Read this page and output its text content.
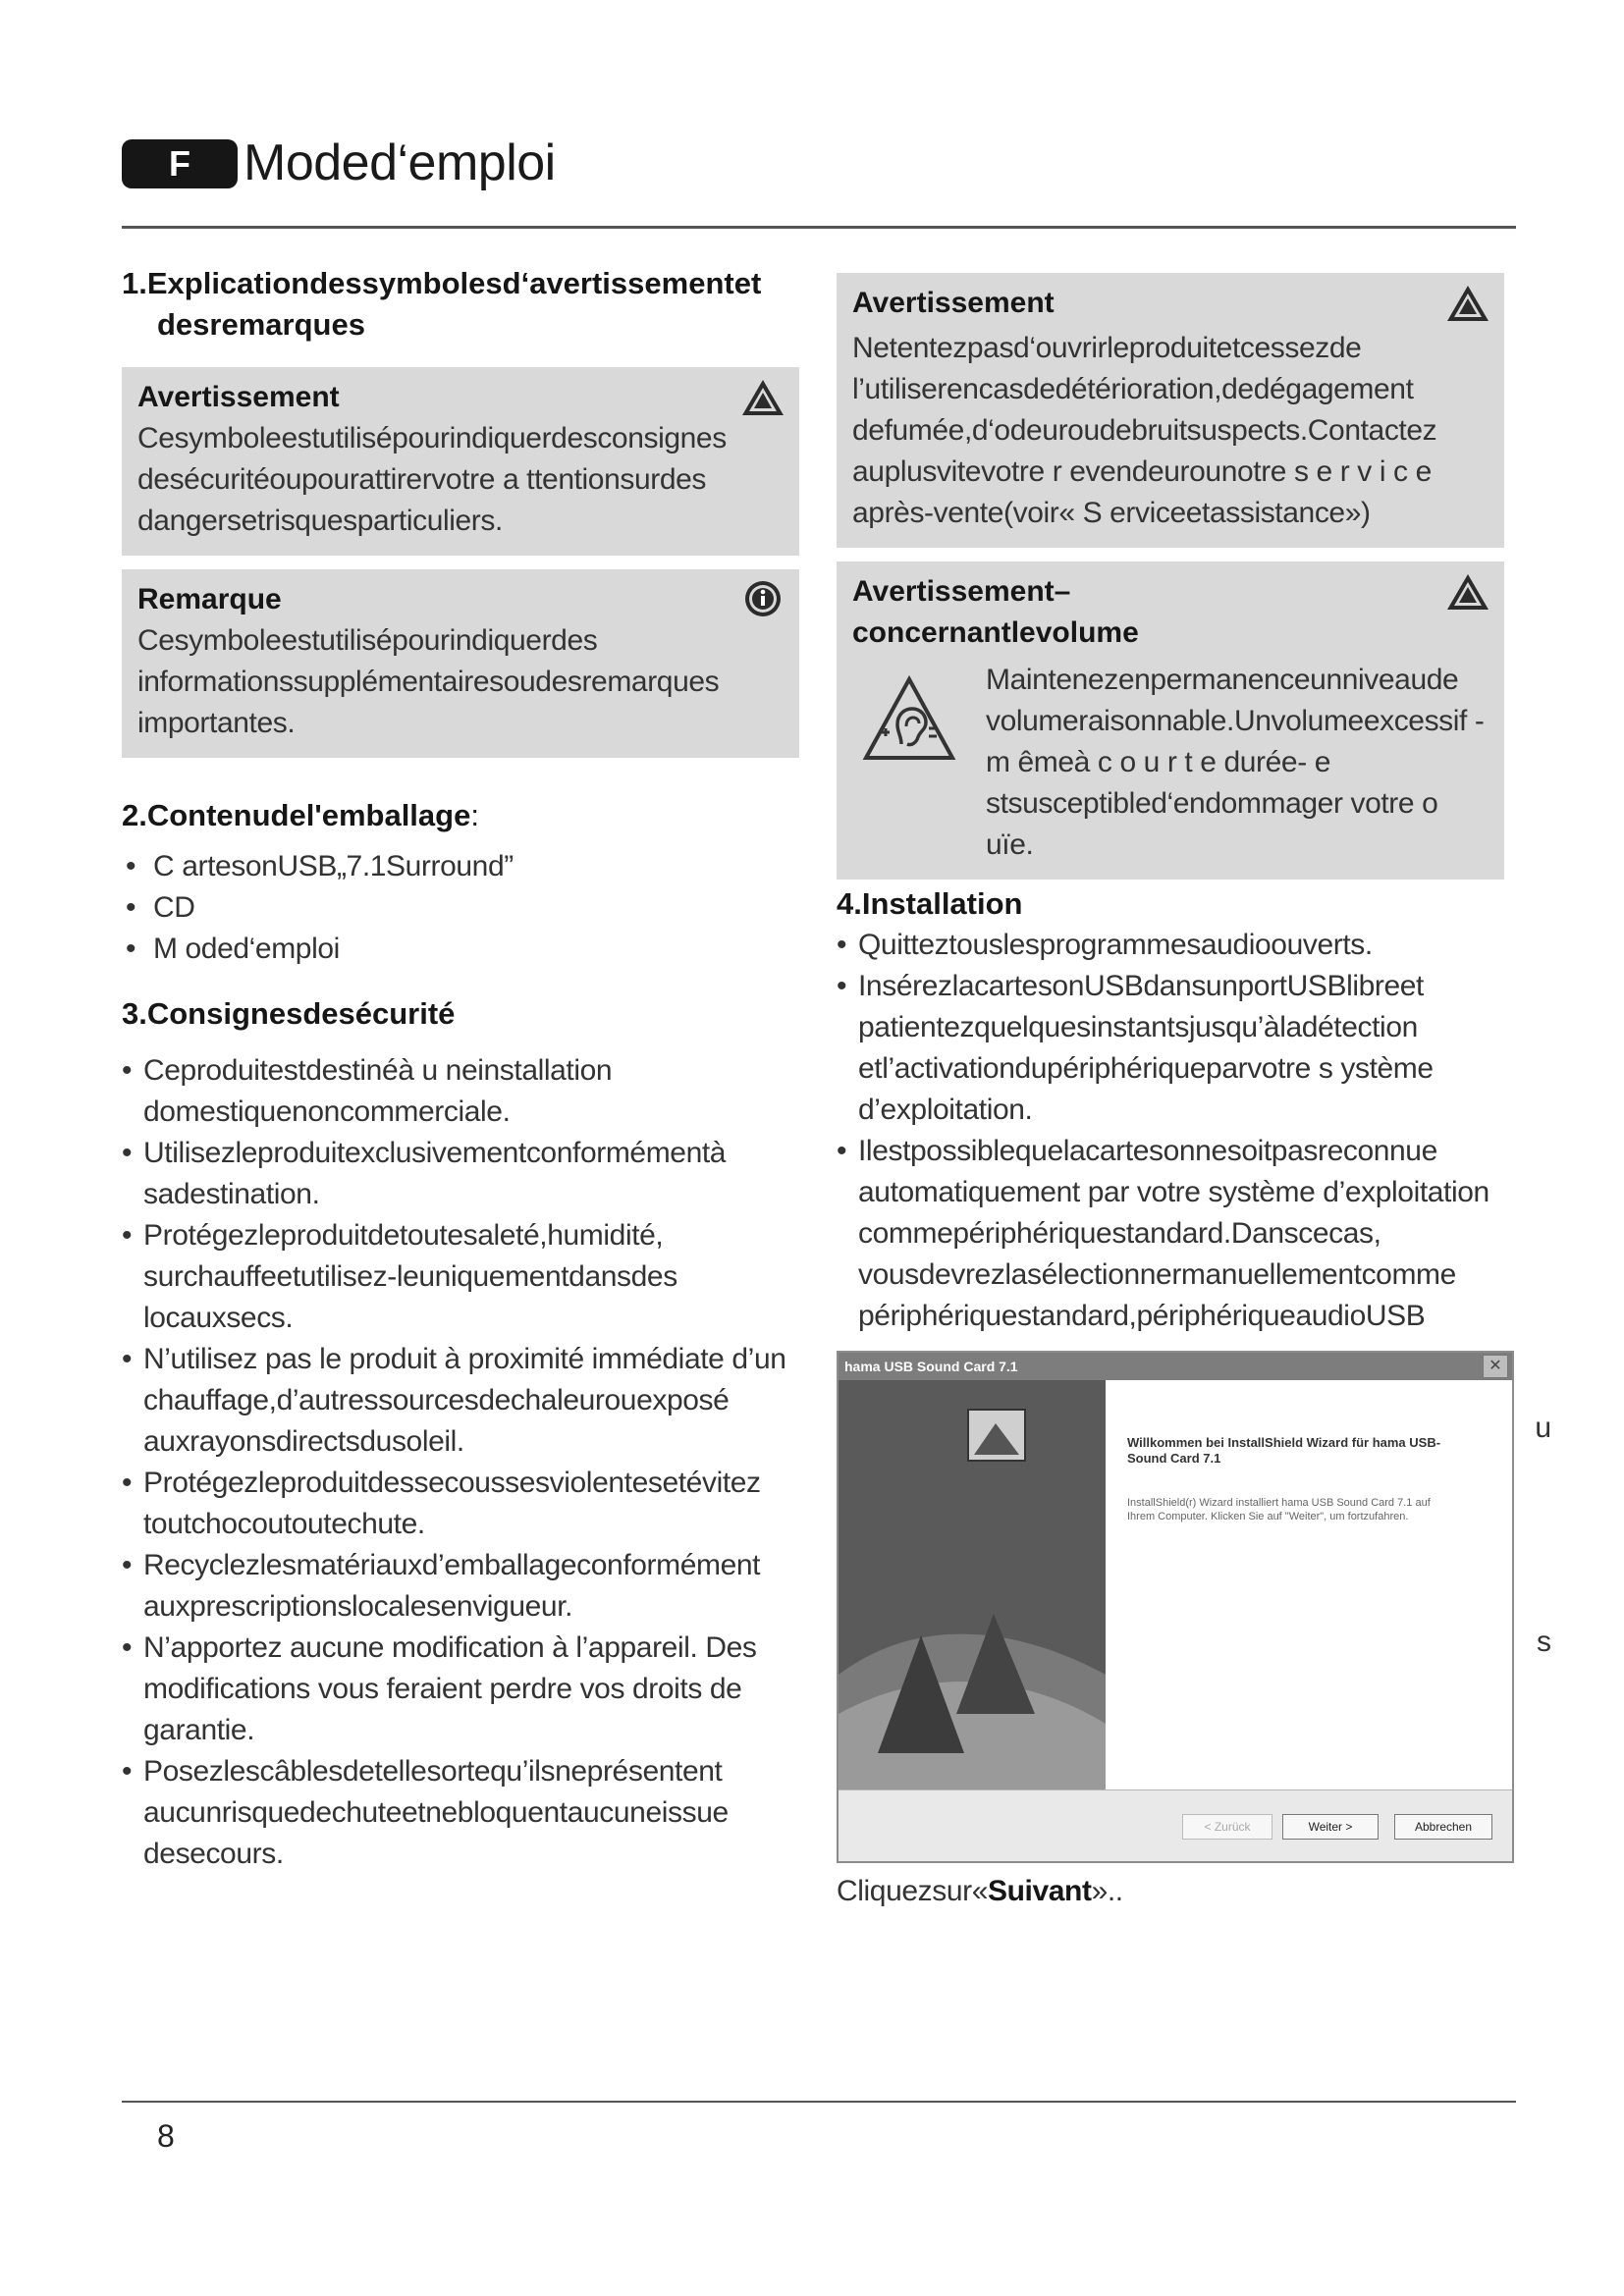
F	Moded‘emploi
1.Explicationdessymbolesd‘avertissementet desremarques
Avertissement
Cesymboleestutilisépourindiquerdesconsignes desécuritéoupourattirervotre a ttentionsurdes dangersetrisquesparticuliers.
Remarque
Cesymboleestutilisépourindiquerdes informationssupplémentairesoudesremarques importantes.
2.Contenudel'emballage:
• C artesonUSB„7.1Surround”
• CD
• M oded‘emploi
3.Consignesdesécurité
• Ceproduitestdestinéà u neinstallation domestiquenoncommerciale.
• Utilisezleproduitexclusivementconformémentà sadestination.
• Protégezleproduitdetoutesaleté,humidité, surchauffeetutilisez-leuniquementdansdes locauxsecs.
• N’utilisez pas le produit à proximité immédiate d’un chauffage,d’autressourcesdechaleurouexposé auxrayonsdirectsdusoleil.
• Protégezleproduitdessecoussesviolentesetévitez toutchocoutoutechute.
• Recyclezlesmatériauxd’emballageconformément auxprescriptionslocalesenvigueur.
• N’apportez aucune modification à l’appareil. Des modifications vous feraient perdre vos droits de garantie.
• Posezlescâblesdetellesortequ’ilsneprésentent aucunrisquedechuteetnebloquentaucuneissue desecours.
Avertissement
Netentezpasd‘ouvrirleproduitetcessezde l’utiliserencasdedétérioration,dedégagement defumée,d‘odeuroudebruitsuspects.Contactez auplusvitevotre r evendeurounotre s e r v i c e après-vente(voir« S erviceetassistance»)
Avertissement– concernantlevolume
Maintenezenpermanenceunniveaude volumeraisonnable.Unvolumeexcessif - m êmeà c o u r t e durée- e stsusceptibled‘endommager votre o uïe.
4.Installation
• Quitteztouslesprogrammesaudioouverts.
• InsérezlacartesonUSBdansunportUSBlibreet patientezquelquesinstantsjusqu’àladétection etl’activationdupériphériqueparvotre s ystème d’exploitation.
• Ilestpossiblequelacartesonnesoitpasreconnue automatiquement par votre système d’exploitation commepériphériquestandard.Danscecas, vousdevrezlasélectionnermanuellementcomme périphériquestandard,périphériqueaudioUSB
u
s
hama USB Sound Card 7.1	✕
Willkommen bei InstallShield Wizard für hama USB-Sound Card 7.1
InstallShield(r) Wizard installiert hama USB Sound Card 7.1 auf Ihrem Computer. Klicken Sie auf "Weiter", um fortzufahren.
< Zurück	Weiter >	Abbrechen
Cliquezsur«Suivant»..
8
